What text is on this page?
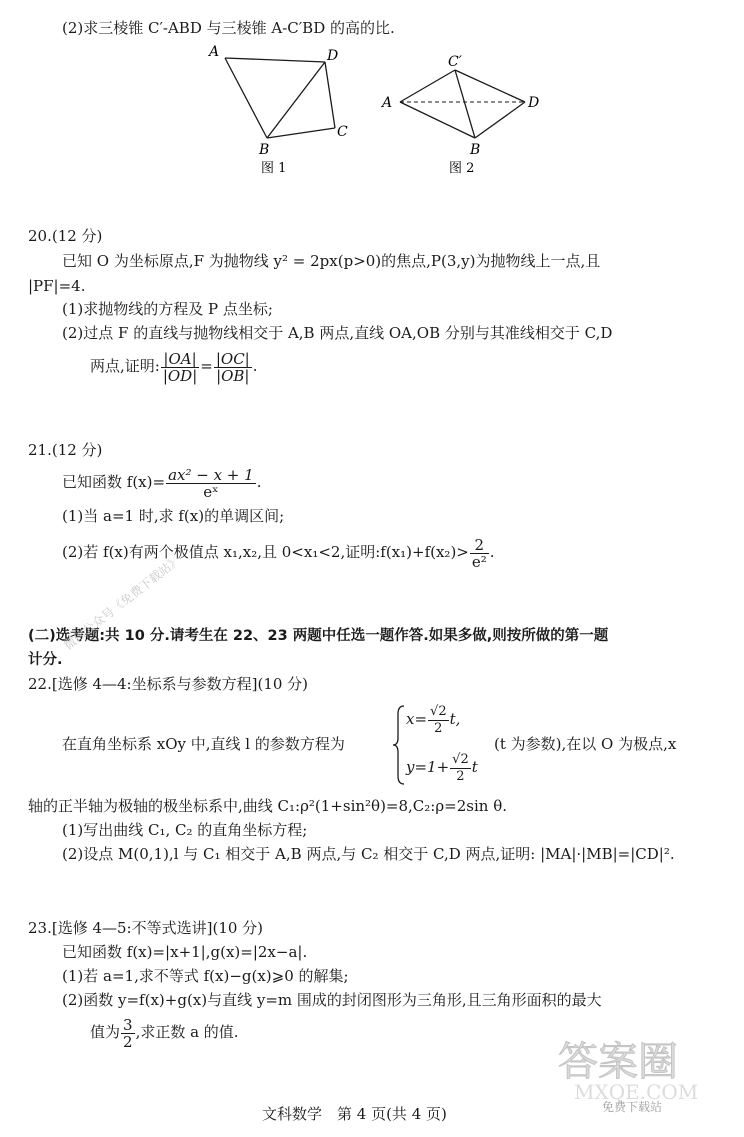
(2)求三棱锥 C′-ABD 与三棱锥 A-C′BD 的高的比.
A	D
C
B
图 1
C′
A	D
B
图 2
20.(12 分)
已知 O 为坐标原点,F 为抛物线 y² = 2px(p>0)的焦点,P(3,y)为抛物线上一点,且
|PF|=4.
(1)求抛物线的方程及 P 点坐标;
(2)过点 F 的直线与抛物线相交于 A,B 两点,直线 OA,OB 分别与其准线相交于 C,D
两点,证明: $\frac{|OA|}{|OD|} = \frac{|OC|}{|OB|}$ .
21.(12 分)
已知函数 $f(x)= \frac{\text{ax² − x + 1}}{\text{eˣ}}$ .
(1)当 a=1 时,求 f(x)的单调区间;
(2)若 f(x)有两个极值点 x₁,x₂,且 0<x₁<2,证明:f(x₁)+f(x₂)> $\frac{2}{\text{e²}}$ .
(二)选考题:共 10 分.请考生在 22、23 两题中任选一题作答.如果多做,则按所做的第一题
计分.
微信公众号《免费下载站》
22.[选修 4—4:坐标系与参数方程](10 分)
在直角坐标系 xOy 中,直线 l 的参数方程为
$x= \frac{√2}{2} t$,
$y=1+ \frac{√2}{2}$ t
(t 为参数),在以 O 为极点,x
轴的正半轴为极轴的极坐标系中,曲线 C₁:ρ²(1+sin²θ)=8,C₂:ρ=2sin θ.
(1)写出曲线 C₁, C₂ 的直角坐标方程;
(2)设点 M(0,1),l 与 C₁ 相交于 A,B 两点,与 C₂ 相交于 C,D 两点,证明: |MA|·|MB|=|CD|².
23.[选修 4—5:不等式选讲](10 分)
已知函数 f(x)=|x+1|,g(x)=|2x−a|.
(1)若 a=1,求不等式 f(x)−g(x)⩾0 的解集;
(2)函数 y=f(x)+g(x)与直线 y=m 围成的封闭图形为三角形,且三角形面积的最大
值为 $\frac{3}{2}$ ,求正数 a 的值.
文科数学　第 4 页(共 4 页)
答案圈
MXQE.COM
免费下载站
